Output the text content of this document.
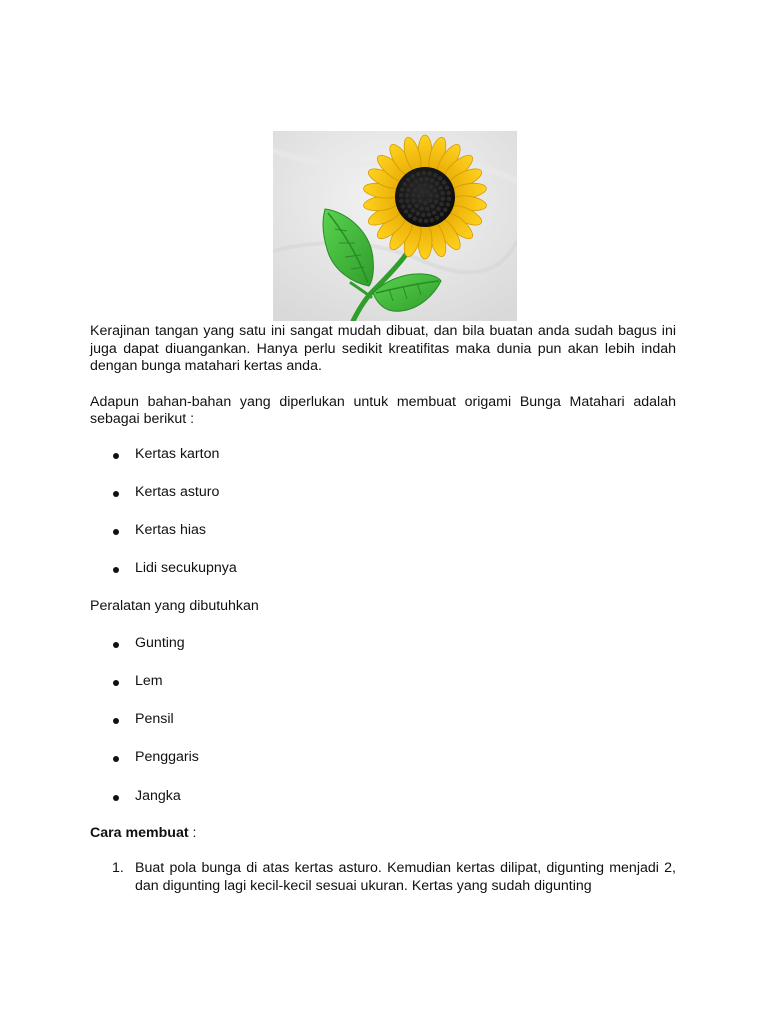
Kerajinan tangan yang satu ini sangat mudah dibuat, dan bila buatan anda sudah bagus ini juga dapat diuangankan. Hanya perlu sedikit kreatifitas maka dunia pun akan lebih indah dengan bunga matahari kertas anda.

Adapun bahan-bahan yang diperlukan untuk membuat origami Bunga Matahari adalah sebagai berikut :

Kertas karton
Kertas asturo
Kertas hias
Lidi secukupnya

Peralatan yang dibutuhkan

Gunting
Lem
Pensil
Penggaris
Jangka

Cara membuat :

1. Buat pola bunga di atas kertas asturo. Kemudian kertas dilipat, digunting menjadi 2, dan digunting lagi kecil-kecil sesuai ukuran. Kertas yang sudah digunting
